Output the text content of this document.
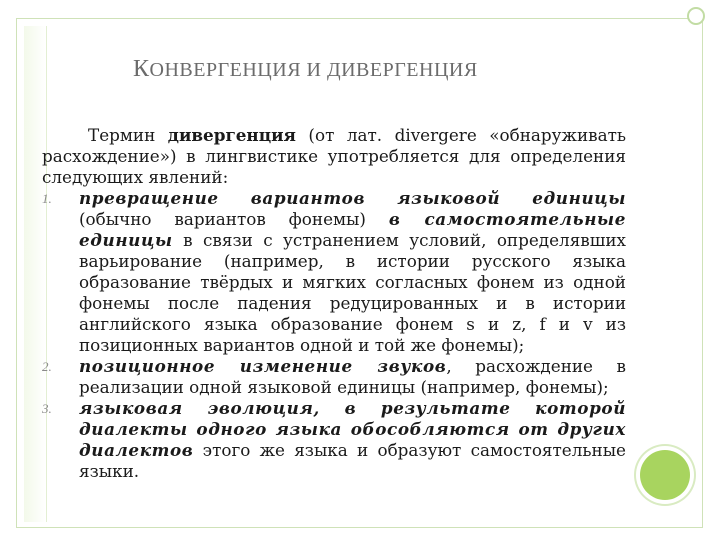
КОНВЕРГЕНЦИЯ И ДИВЕРГЕНЦИЯ

Термин дивергенция (от лат. divergere «обнаруживать расхождение») в лингвистике употребляется для определения следующих явлений:

1.	превращение вариантов языковой единицы (обычно вариантов фонемы) в самостоятельные единицы в связи с устранением условий, определявших варьирование (например, в истории русского языка образование твёрдых и мягких согласных фонем из одной фонемы после падения редуцированных и в истории английского языка образование фонем s и z, f и v из позиционных вариантов одной и той же фонемы);
2.	позиционное изменение звуков, расхождение в реализации одной языковой единицы (например, фонемы);
3.	языковая эволюция, в результате которой диалекты одного языка обособляются от других диалектов этого же языка и образуют самостоятельные языки.
